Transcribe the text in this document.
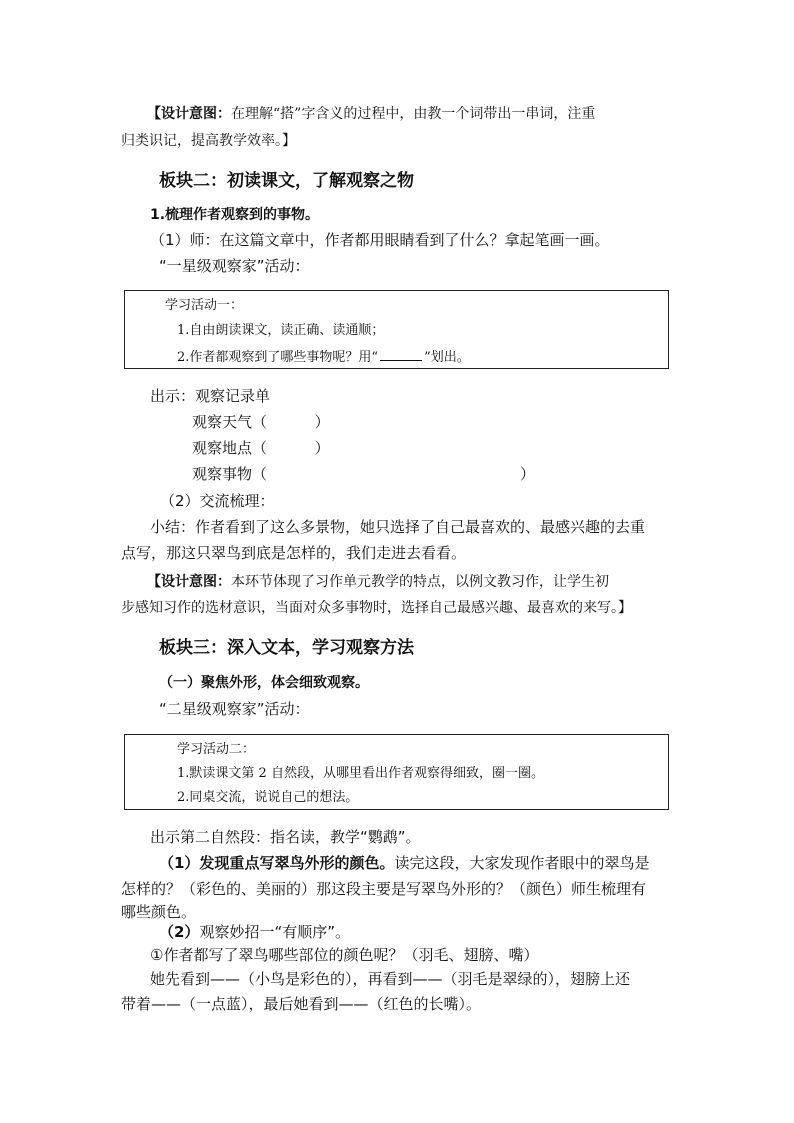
【设计意图：在理解“搭”字含义的过程中，由教一个词带出一串词，注重
归类识记，提高教学效率。】
板块二：初读课文，了解观察之物
1.梳理作者观察到的事物。
（1）师：在这篇文章中，作者都用眼睛看到了什么？拿起笔画一画。
“一星级观察家”活动：
学习活动一：
1.自由朗读课文，读正确、读通顺；
2.作者都观察到了哪些事物呢？用“	”划出。
出示：观察记录单
观察天气（          ）
观察地点（          ）
观察事物（	）
（2）交流梳理：
小结：作者看到了这么多景物，她只选择了自己最喜欢的、最感兴趣的去重
点写，那这只翠鸟到底是怎样的，我们走进去看看。
【设计意图：本环节体现了习作单元教学的特点，以例文教习作，让学生初
步感知习作的选材意识，当面对众多事物时，选择自己最感兴趣、最喜欢的来写。】
板块三：深入文本，学习观察方法
（一）聚焦外形，体会细致观察。
“二星级观察家”活动：
学习活动二：
1.默读课文第 2 自然段，从哪里看出作者观察得细致，圈一圈。
2.同桌交流，说说自己的想法。
出示第二自然段：指名读，教学“鹦鹉”。
（1）发现重点写翠鸟外形的颜色。读完这段，大家发现作者眼中的翠鸟是
怎样的？（彩色的、美丽的）那这段主要是写翠鸟外形的？（颜色）师生梳理有
哪些颜色。
（2）观察妙招一“有顺序”。
①作者都写了翠鸟哪些部位的颜色呢？（羽毛、翅膀、嘴）
她先看到——（小鸟是彩色的），再看到——（羽毛是翠绿的），翅膀上还
带着——（一点蓝），最后她看到——（红色的长嘴）。
